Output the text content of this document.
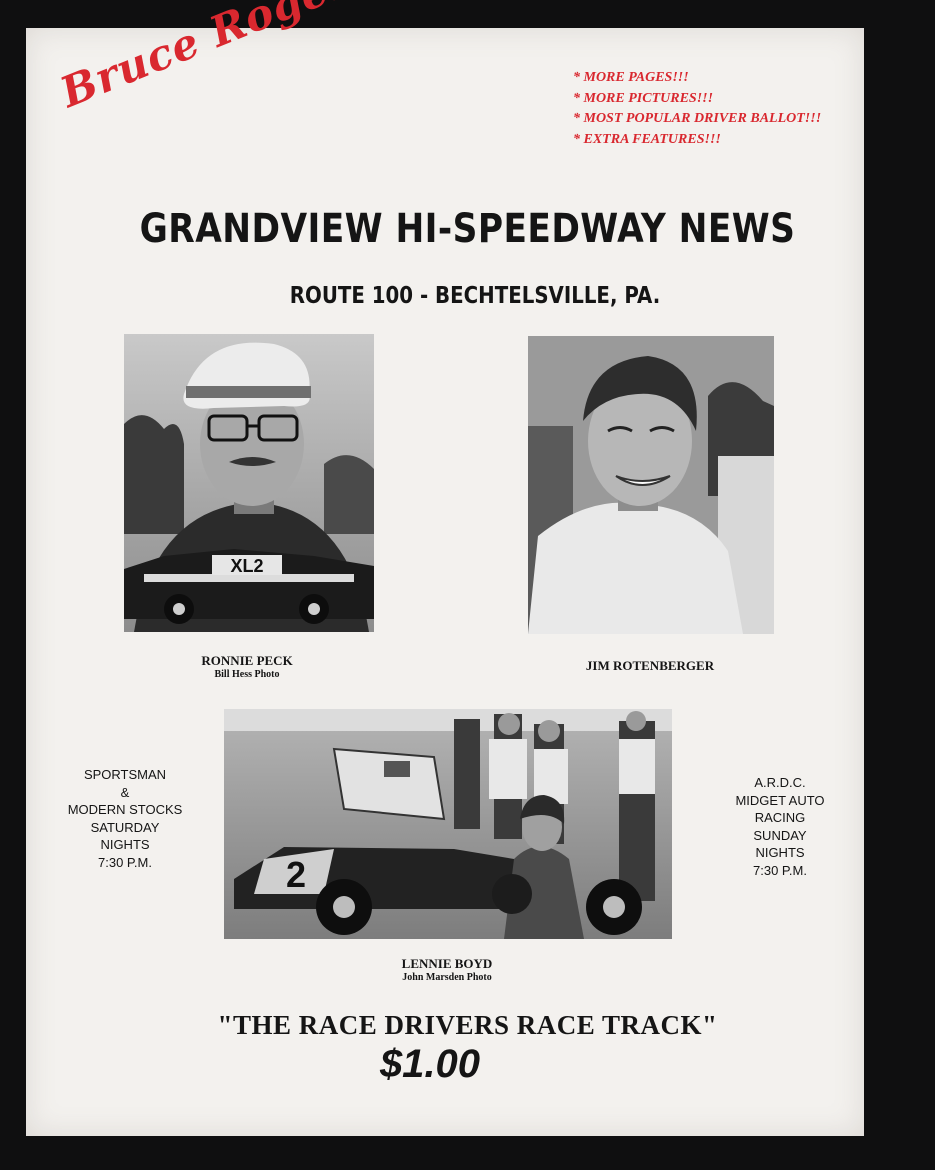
* MORE PAGES!!!
* MORE PICTURES!!!
* MOST POPULAR DRIVER BALLOT!!!
* EXTRA FEATURES!!!
GRANDVIEW HI-SPEEDWAY NEWS
ROUTE 100 - BECHTELSVILLE, PA.
XL2
RONNIE PECK
Bill Hess Photo
JIM ROTENBERGER
2
SPORTSMAN
&
MODERN STOCKS
SATURDAY
NIGHTS
7:30 P.M.
A.R.D.C.
MIDGET AUTO
RACING
SUNDAY
NIGHTS
7:30 P.M.
LENNIE BOYD
John Marsden Photo
"THE RACE DRIVERS RACE TRACK"
$1.00
